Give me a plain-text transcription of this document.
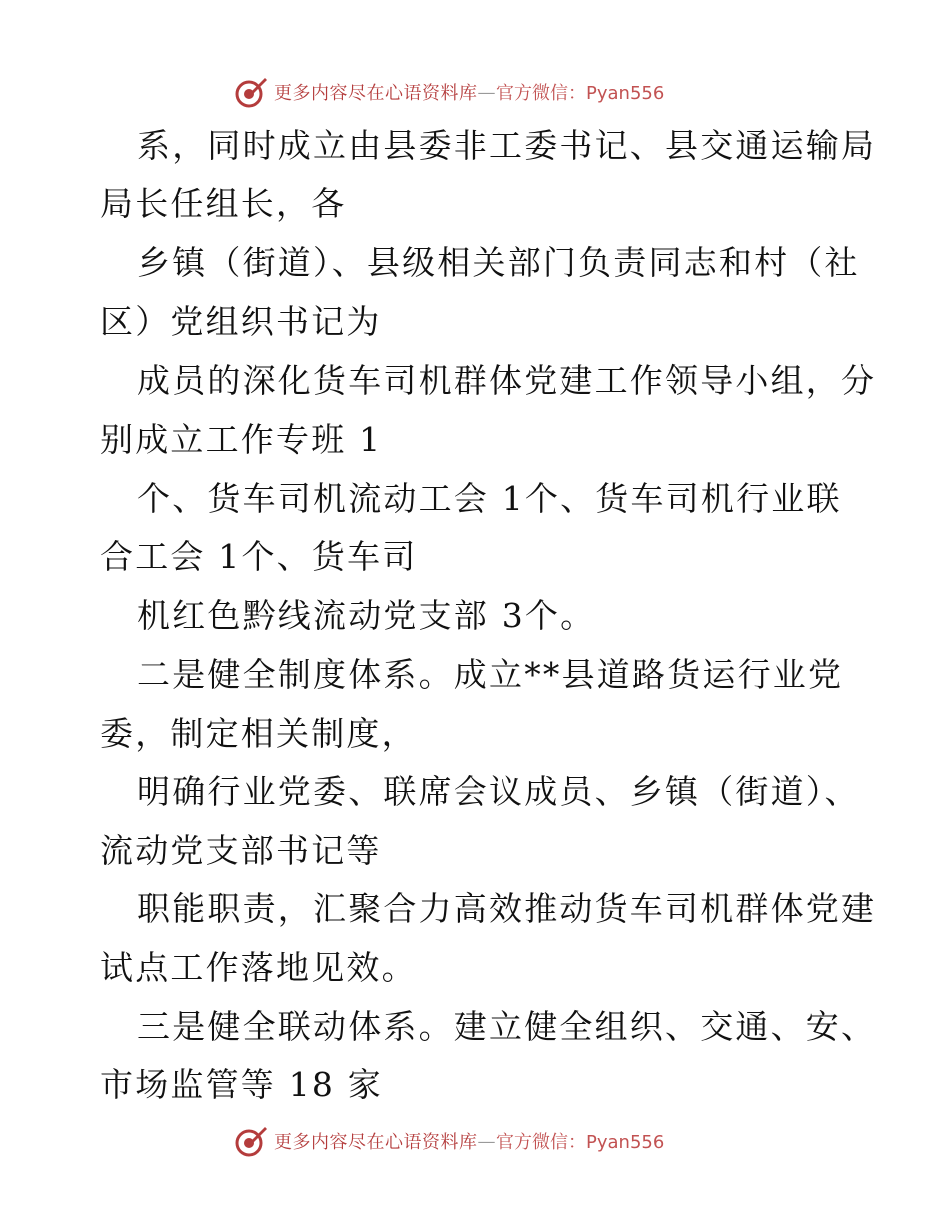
更多内容尽在心语资料库 — 官方微信：Pyan556
系，同时成立由县委非工委书记、县交通运输局
局长任组长，各
乡镇（街道）、县级相关部门负责同志和村（社
区）党组织书记为
成员的深化货车司机群体党建工作领导小组，分
别成立工作专班 1
个、货车司机流动工会 1个、货车司机行业联
合工会 1个、货车司
机红色黔线流动党支部 3个。
二是健全制度体系。成立**县道路货运行业党
委，制定相关制度，
明确行业党委、联席会议成员、乡镇（街道）、
流动党支部书记等
职能职责，汇聚合力高效推动货车司机群体党建
试点工作落地见效。
三是健全联动体系。建立健全组织、交通、安、
市场监管等 18 家
更多内容尽在心语资料库 — 官方微信：Pyan556
